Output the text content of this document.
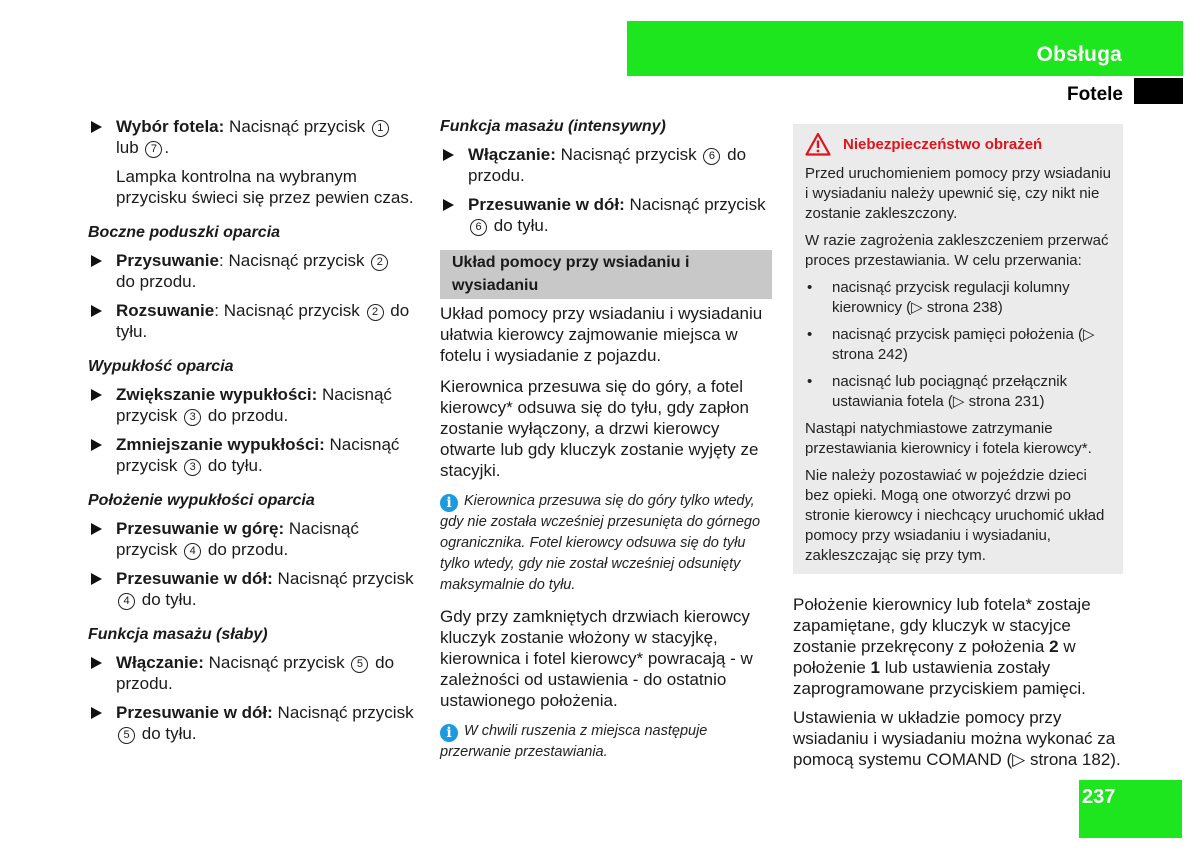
Obsługa
Fotele
Wybór fotela: Nacisnąć przycisk 1
lub 7 .

Lampka kontrolna na wybranym przycisku świeci się przez pewien czas.

Boczne poduszki oparcia

Przysuwanie: Nacisnąć przycisk 2
do przodu.
Rozsuwanie: Nacisnąć przycisk 2 do tyłu.

Wypukłość oparcia

Zwiększanie wypukłości: Nacisnąć przycisk 3 do przodu.
Zmniejszanie wypukłości: Nacisnąć przycisk 3 do tyłu.

Położenie wypukłości oparcia

Przesuwanie w górę: Nacisnąć przycisk 4 do przodu.
Przesuwanie w dół: Nacisnąć przycisk 4 do tyłu.

Funkcja masażu (słaby)

Włączanie: Nacisnąć przycisk 5 do przodu.
Przesuwanie w dół: Nacisnąć przycisk 5 do tyłu.

Funkcja masażu (intensywny)

Włączanie: Nacisnąć przycisk 6 do przodu.
Przesuwanie w dół: Nacisnąć przycisk 6 do tyłu.
Układ pomocy przy wsiadaniu i wysiadaniu

Układ pomocy przy wsiadaniu i wysiadaniu ułatwia kierowcy zajmowanie miejsca w fotelu i wysiadanie z pojazdu.

Kierownica przesuwa się do góry, a fotel kierowcy* odsuwa się do tyłu, gdy zapłon zostanie wyłączony, a drzwi kierowcy otwarte lub gdy kluczyk zostanie wyjęty ze stacyjki.

i Kierownica przesuwa się do góry tylko wtedy, gdy nie została wcześniej przesunięta do górnego ogranicznika. Fotel kierowcy odsuwa się do tyłu tylko wtedy, gdy nie został wcześniej odsunięty maksymalnie do tyłu.

Gdy przy zamkniętych drzwiach kierowcy kluczyk zostanie włożony w stacyjkę, kierownica i fotel kierowcy* powracają - w zależności od ustawienia - do ostatnio ustawionego położenia.

i W chwili ruszenia z miejsca następuje przerwanie przestawiania.

Niebezpieczeństwo obrażeń

Przed uruchomieniem pomocy przy wsiadaniu i wysiadaniu należy upewnić się, czy nikt nie zostanie zakleszczony.

W razie zagrożenia zakleszczeniem przerwać proces przestawiania. W celu przerwania:

• nacisnąć przycisk regulacji kolumny kierownicy (▷ strona 238)
• nacisnąć przycisk pamięci położenia (▷ strona 242)
• nacisnąć lub pociągnąć przełącznik ustawiania fotela (▷ strona 231)

Nastąpi natychmiastowe zatrzymanie przestawiania kierownicy i fotela kierowcy*.

Nie należy pozostawiać w pojeździe dzieci bez opieki. Mogą one otworzyć drzwi po stronie kierowcy i niechcący uruchomić układ pomocy przy wsiadaniu i wysiadaniu, zakleszczając się przy tym.

Położenie kierownicy lub fotela* zostaje zapamiętane, gdy kluczyk w stacyjce zostanie przekręcony z położenia 2 w położenie 1 lub ustawienia zostały zaprogramowane przyciskiem pamięci.

Ustawienia w układzie pomocy przy wsiadaniu i wysiadaniu można wykonać za pomocą systemu COMAND (▷ strona 182).

237
